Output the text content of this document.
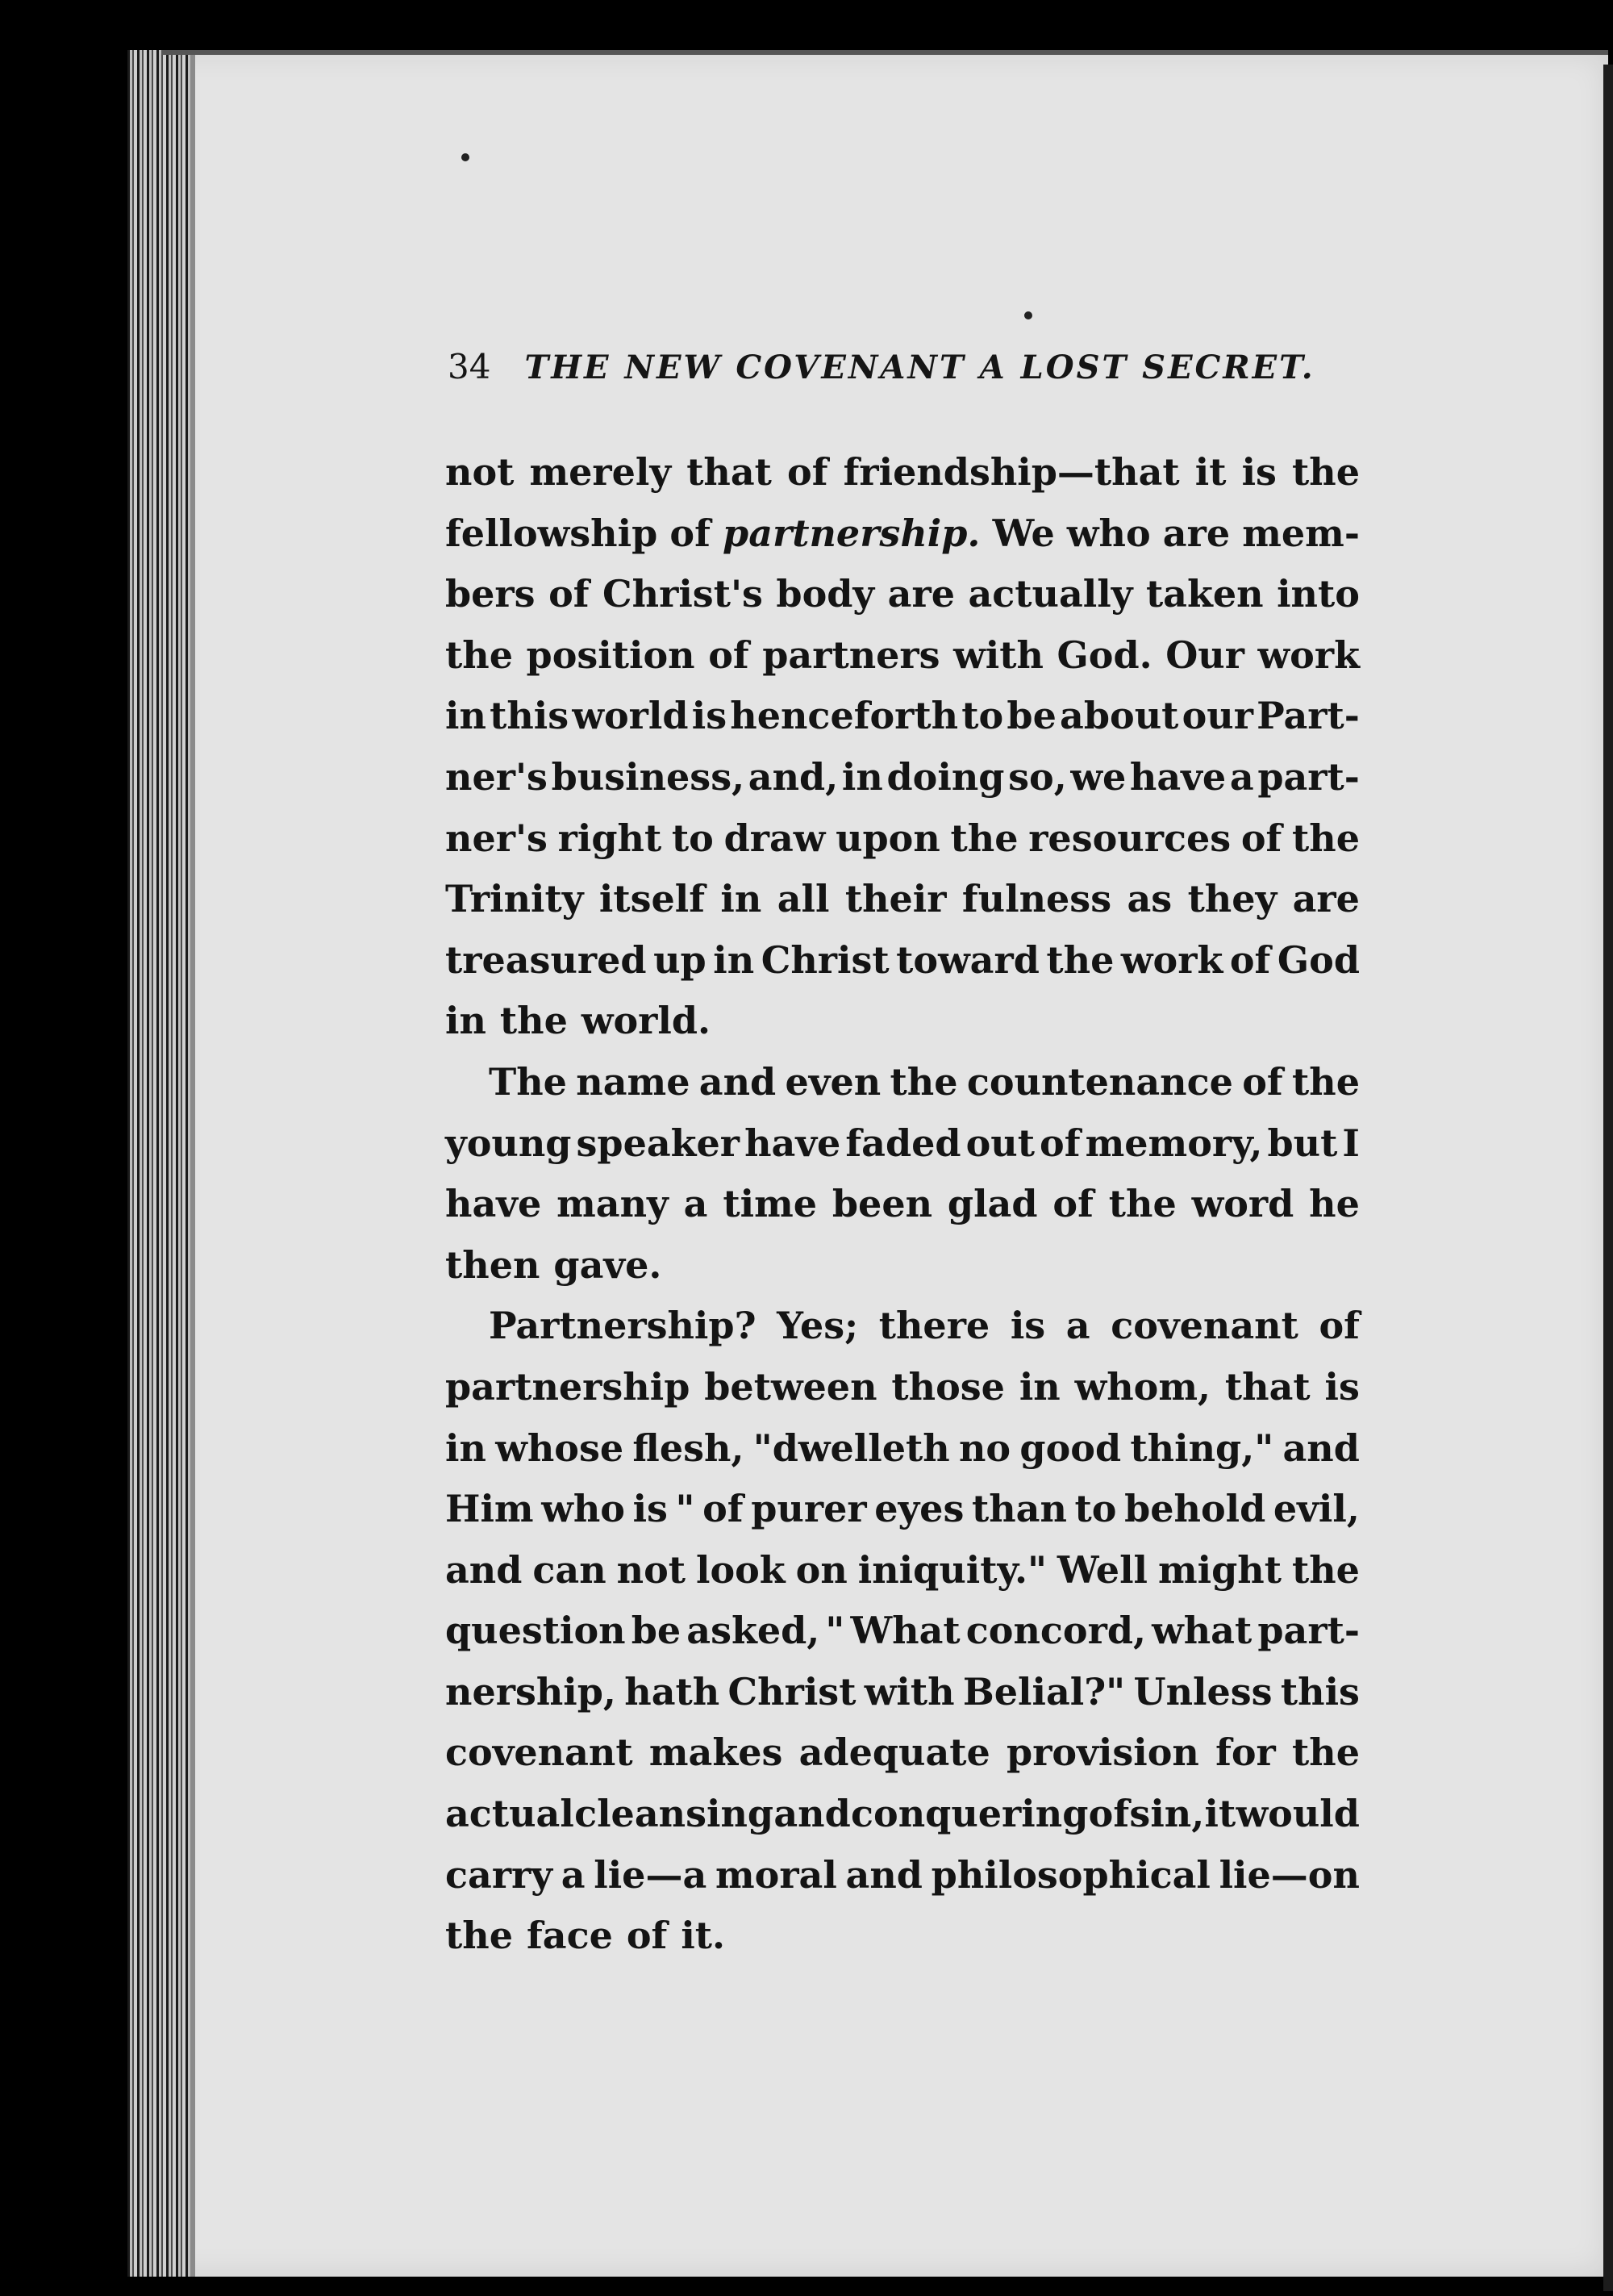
34 THE NEW COVENANT A LOST SECRET.
not merely that of friendship—that it is the
fellowship of partnership. We who are mem-
bers of Christ's body are actually taken into
the position of partners with God. Our work
in this world is henceforth to be about our Part-
ner's business, and, in doing so, we have a part-
ner's right to draw upon the resources of the
Trinity itself in all their fulness as they are
treasured up in Christ toward the work of God
in the world.
The name and even the countenance of the
young speaker have faded out of memory, but I
have many a time been glad of the word he
then gave.
Partnership? Yes; there is a covenant of
partnership between those in whom, that is
in whose flesh, "dwelleth no good thing," and
Him who is " of purer eyes than to behold evil,
and can not look on iniquity." Well might the
question be asked, " What concord, what part-
nership, hath Christ with Belial?" Unless this
covenant makes adequate provision for the
actual cleansing and conquering of sin, it would
carry a lie—a moral and philosophical lie—on
the face of it.
